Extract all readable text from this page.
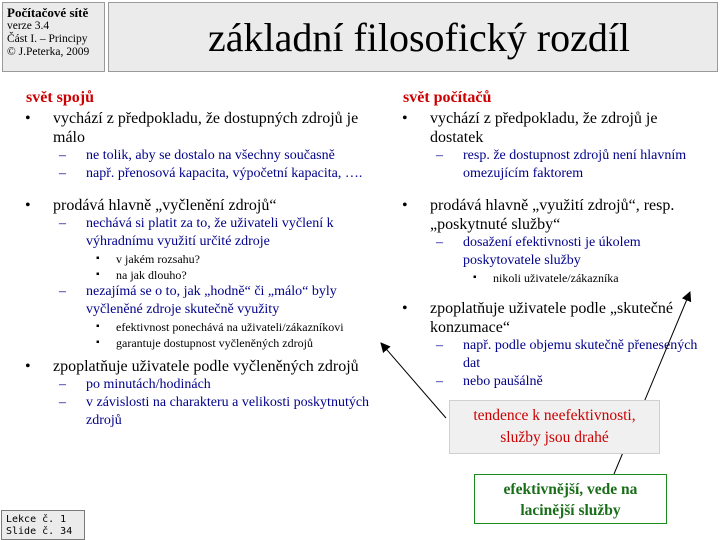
Počítačové sítě
verze 3.4
Část I. – Principy
© J.Peterka, 2009	základní filosofický rozdíl
svět spojů
• vychází z předpokladu, že dostupných zdrojů je málo
– ne tolik, aby se dostalo na všechny současně
– např. přenosová kapacita, výpočetní kapacita, ….
• prodává hlavně „vyčlenění zdrojů“
– nechává si platit za to, že uživateli vyčlení k výhradnímu využití určité zdroje
▪ v jakém rozsahu?
▪ na jak dlouho?
– nezajímá se o to, jak „hodně“ či „málo“ byly vyčleněné zdroje skutečně využity
▪ efektivnost ponechává na uživateli/zákazníkovi
▪ garantuje dostupnost vyčleněných zdrojů
• zpoplatňuje uživatele podle vyčleněných zdrojů
– po minutách/hodinách
– v závislosti na charakteru a velikosti poskytnutých zdrojů
svět počítačů
• vychází z předpokladu, že zdrojů je dostatek
– resp. že dostupnost zdrojů není hlavním omezujícím faktorem
• prodává hlavně „využití zdrojů“, resp. „poskytnuté služby“
– dosažení efektivnosti je úkolem poskytovatele služby
▪ nikoli uživatele/zákazníka
• zpoplatňuje uživatele podle „skutečné konzumace“
– např. podle objemu skutečně přenesených dat
– nebo paušálně
tendence k neefektivnosti,
služby jsou drahé
efektivnější, vede na
lacinější služby
Lekce č. 1
Slide č. 34
